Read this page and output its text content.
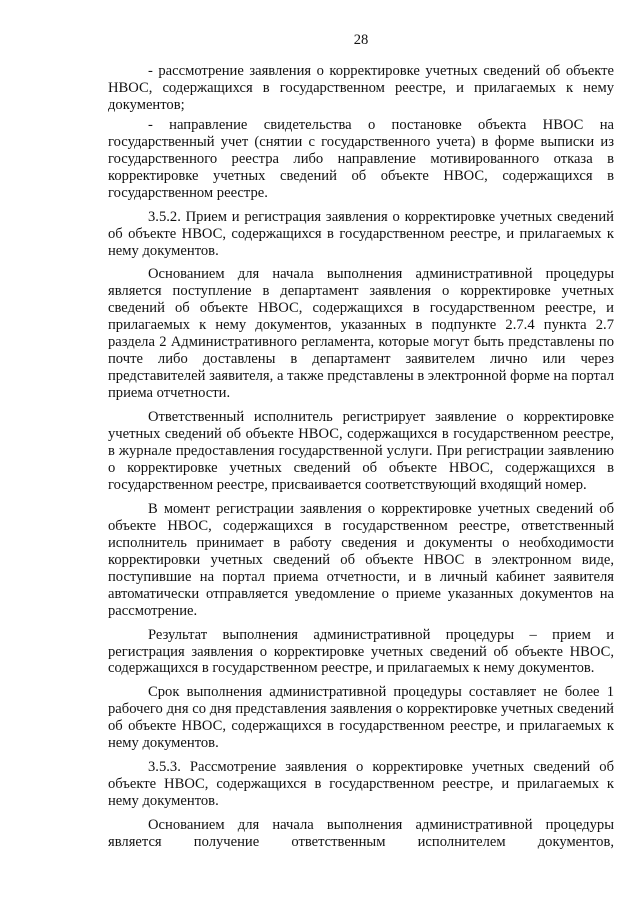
28

- рассмотрение заявления о корректировке учетных сведений об объекте НВОС, содержащихся в государственном реестре, и прилагаемых к нему документов;

- направление свидетельства о постановке объекта НВОС на государственный учет (снятии с государственного учета) в форме выписки из государственного реестра либо направление мотивированного отказа в корректировке учетных сведений об объекте НВОС, содержащихся в государственном реестре.

3.5.2. Прием и регистрация заявления о корректировке учетных сведений об объекте НВОС, содержащихся в государственном реестре, и прилагаемых к нему документов.

Основанием для начала выполнения административной процедуры является поступление в департамент заявления о корректировке учетных сведений об объекте НВОС, содержащихся в государственном реестре, и прилагаемых к нему документов, указанных в подпункте 2.7.4 пункта 2.7 раздела 2 Административного регламента, которые могут быть представлены по почте либо доставлены в департамент заявителем лично или через представителей заявителя, а также представлены в электронной форме на портал приема отчетности.

Ответственный исполнитель регистрирует заявление о корректировке учетных сведений об объекте НВОС, содержащихся в государственном реестре, в журнале предоставления государственной услуги. При регистрации заявлению о корректировке учетных сведений об объекте НВОС, содержащихся в государственном реестре, присваивается соответствующий входящий номер.

В момент регистрации заявления о корректировке учетных сведений об объекте НВОС, содержащихся в государственном реестре, ответственный исполнитель принимает в работу сведения и документы о необходимости корректировки учетных сведений об объекте НВОС в электронном виде, поступившие на портал приема отчетности, и в личный кабинет заявителя автоматически отправляется уведомление о приеме указанных документов на рассмотрение.

Результат выполнения административной процедуры – прием и регистрация заявления о корректировке учетных сведений об объекте НВОС, содержащихся в государственном реестре, и прилагаемых к нему документов.

Срок выполнения административной процедуры составляет не более 1 рабочего дня со дня представления заявления о корректировке учетных сведений об объекте НВОС, содержащихся в государственном реестре, и прилагаемых к нему документов.

3.5.3. Рассмотрение заявления о корректировке учетных сведений об объекте НВОС, содержащихся в государственном реестре, и прилагаемых к нему документов.

Основанием для начала выполнения административной процедуры является получение ответственным исполнителем документов,
